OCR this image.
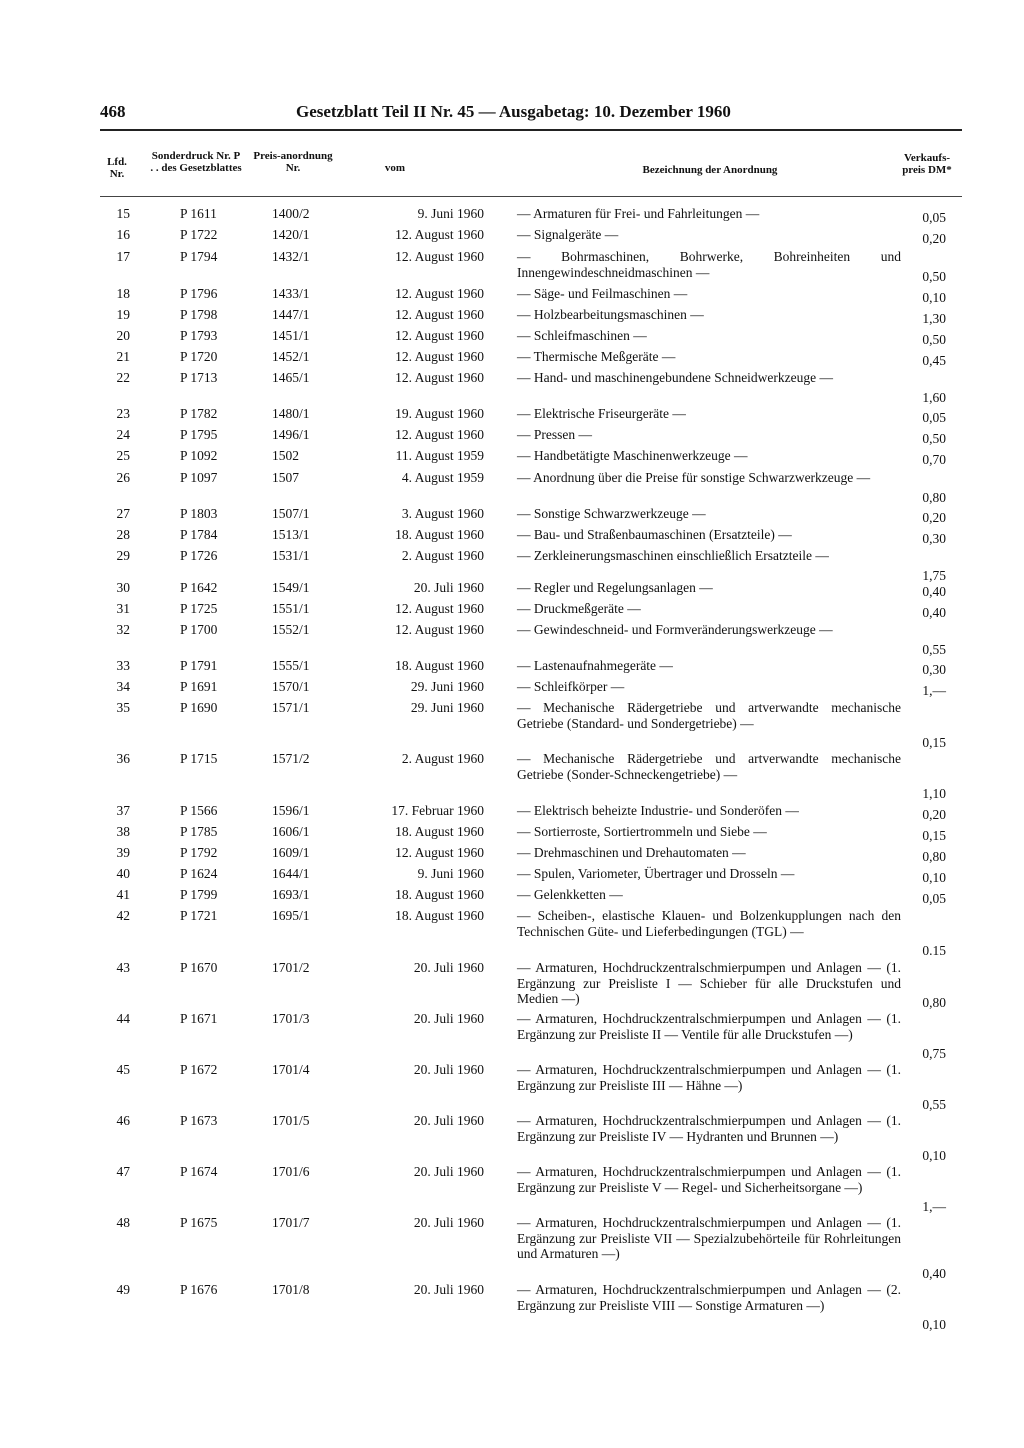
468	Gesetzblatt Teil II Nr. 45 — Ausgabetag: 10. Dezember 1960
Lfd. Nr.
Sonderdruck Nr. P . . des Gesetzblattes
Preis-anordnung Nr.	vom	Bezeichnung der Anordnung
Verkaufs-preis DM*
15	P 1611	1400/2	9. Juni 1960 — Armaturen für Frei- und Fahrleitungen —	0,05
16	P 1722	1420/1	12. August 1960 — Signalgeräte —	0,20
17	P 1794	1432/1	12. August 1960 — Bohrmaschinen, Bohrwerke, Bohreinheiten und Innengewindeschneidmaschinen —	0,50
18	P 1796	1433/1	12. August 1960 — Säge- und Feilmaschinen —	0,10
19	P 1798	1447/1	12. August 1960 — Holzbearbeitungsmaschinen —	1,30
20	P 1793	1451/1	12. August 1960 — Schleifmaschinen —	0,50
21	P 1720	1452/1	12. August 1960 — Thermische Meßgeräte —	0,45
22	P 1713	1465/1	12. August 1960 — Hand- und maschinengebundene Schneidwerkzeuge —
1,60
23	P 1782	1480/1	19. August 1960 — Elektrische Friseurgeräte —	0,05
24	P 1795	1496/1	12. August 1960 — Pressen —	0,50
25	P 1092	1502	11. August 1959 — Handbetätigte Maschinenwerkzeuge —	0,70
26	P 1097	1507	4. August 1959 — Anordnung über die Preise für sonstige Schwarzwerkzeuge —
0,80
27	P 1803	1507/1	3. August 1960 — Sonstige Schwarzwerkzeuge —	0,20
28	P 1784	1513/1	18. August 1960 — Bau- und Straßenbaumaschinen (Ersatzteile) —	0,30
29	P 1726	1531/1	2. August 1960 — Zerkleinerungsmaschinen einschließlich Ersatzteile —
1,75
30	P 1642	1549/1	20. Juli 1960 — Regler und Regelungsanlagen —	0,40
31	P 1725	1551/1	12. August 1960 — Druckmeßgeräte —	0,40
32	P 1700	1552/1	12. August 1960 — Gewindeschneid- und Formveränderungswerkzeuge —
0,55
33	P 1791	1555/1	18. August 1960 — Lastenaufnahmegeräte —	0,30
34	P 1691	1570/1	29. Juni 1960 — Schleifkörper —	1,—
35	P 1690	1571/1	29. Juni 1960 — Mechanische Rädergetriebe und artverwandte mechanische Getriebe (Standard- und Sondergetriebe) —
0,15
36	P 1715	1571/2	2. August 1960 — Mechanische Rädergetriebe und artverwandte mechanische Getriebe (Sonder-Schneckengetriebe) —
1,10
37	P 1566	1596/1	17. Februar 1960 — Elektrisch beheizte Industrie- und Sonderöfen —	0,20
38	P 1785	1606/1	18. August 1960 — Sortierroste, Sortiertrommeln und Siebe —	0,15
39	P 1792	1609/1	12. August 1960 — Drehmaschinen und Drehautomaten —	0,80
40	P 1624	1644/1	9. Juni 1960 — Spulen, Variometer, Übertrager und Drosseln —	0,10
41	P 1799	1693/1	18. August 1960 — Gelenkketten —	0,05
42	P 1721	1695/1	18. August 1960 — Scheiben-, elastische Klauen- und Bolzenkupplungen nach den Technischen Güte- und Lieferbedingungen (TGL) —
0.15
43	P 1670	1701/2	20. Juli 1960 — Armaturen, Hochdruckzentralschmierpumpen und Anlagen — (1. Ergänzung zur Preisliste I — Schieber für alle Druckstufen und Medien —)	0,80
44	P 1671	1701/3	20. Juli 1960 — Armaturen, Hochdruckzentralschmierpumpen und Anlagen — (1. Ergänzung zur Preisliste II — Ventile für alle Druckstufen —)
0,75
45	P 1672	1701/4	20. Juli 1960 — Armaturen, Hochdruckzentralschmierpumpen und Anlagen — (1. Ergänzung zur Preisliste III — Hähne —)
0,55
46	P 1673	1701/5	20. Juli 1960 — Armaturen, Hochdruckzentralschmierpumpen und Anlagen — (1. Ergänzung zur Preisliste IV — Hydranten und Brunnen —)
0,10
47	P 1674	1701/6	20. Juli 1960 — Armaturen, Hochdruckzentralschmierpumpen und Anlagen — (1. Ergänzung zur Preisliste V — Regel- und Sicherheitsorgane —)
1,—
48	P 1675	1701/7	20. Juli 1960 — Armaturen, Hochdruckzentralschmierpumpen und Anlagen — (1. Ergänzung zur Preisliste VII — Spezialzubehörteile für Rohrleitungen und Armaturen —)
0,40
49	P 1676	1701/8	20. Juli 1960 — Armaturen, Hochdruckzentralschmierpumpen und Anlagen — (2. Ergänzung zur Preisliste VIII — Sonstige Armaturen —)
0,10
